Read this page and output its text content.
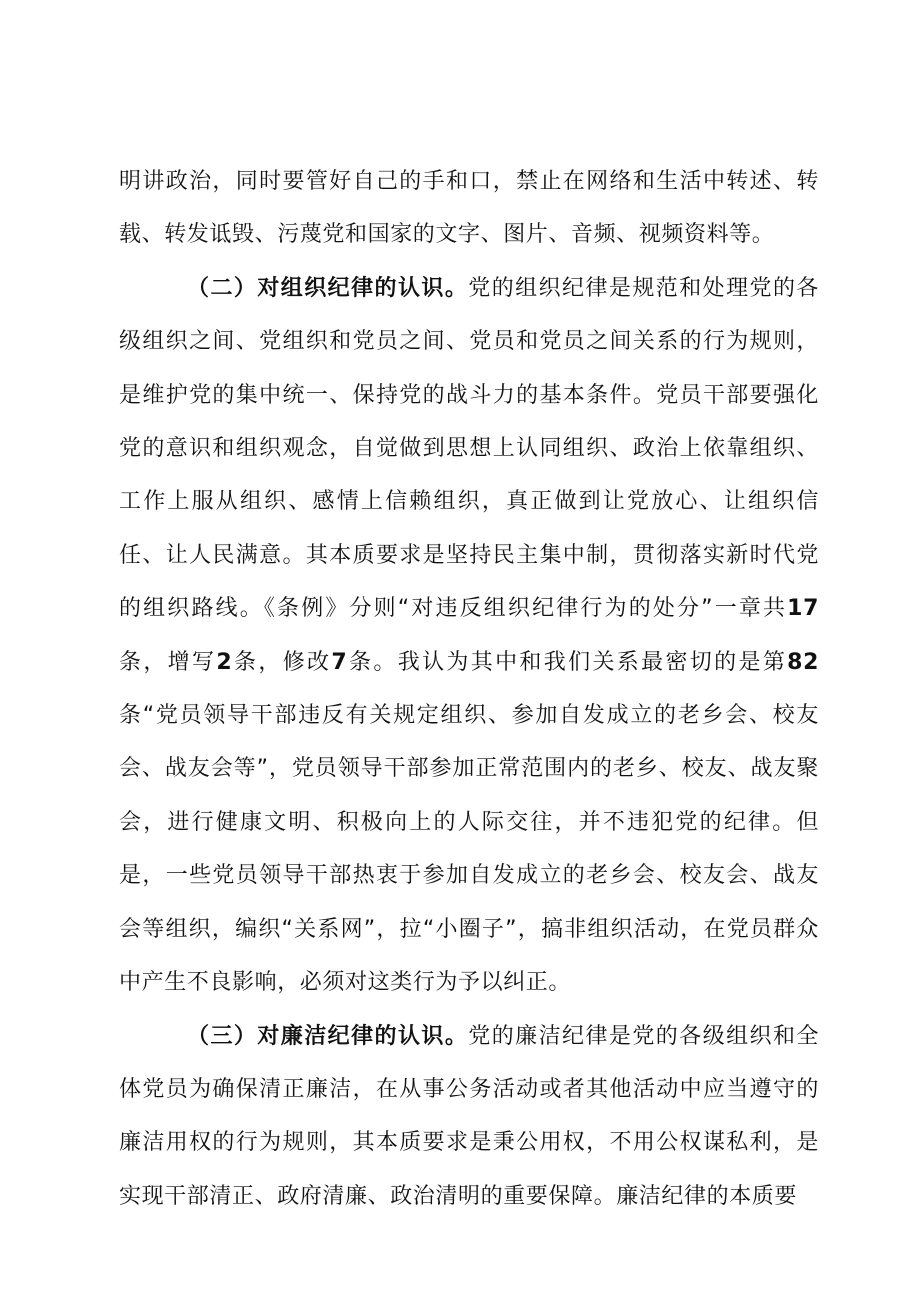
明讲政治，同时要管好自己的手和口，禁止在网络和生活中转述、转载、转发诋毁、污蔑党和国家的文字、图片、音频、视频资料等。

（二）对组织纪律的认识。党的组织纪律是规范和处理党的各级组织之间、党组织和党员之间、党员和党员之间关系的行为规则，是维护党的集中统一、保持党的战斗力的基本条件。党员干部要强化党的意识和组织观念，自觉做到思想上认同组织、政治上依靠组织、工作上服从组织、感情上信赖组织，真正做到让党放心、让组织信任、让人民满意。其本质要求是坚持民主集中制，贯彻落实新时代党的组织路线。《条例》分则“对违反组织纪律行为的处分”一章共17条，增写2条，修改7条。我认为其中和我们关系最密切的是第82条“党员领导干部违反有关规定组织、参加自发成立的老乡会、校友会、战友会等”，党员领导干部参加正常范围内的老乡、校友、战友聚会，进行健康文明、积极向上的人际交往，并不违犯党的纪律。但是，一些党员领导干部热衷于参加自发成立的老乡会、校友会、战友会等组织，编织“关系网”，拉“小圈子”，搞非组织活动，在党员群众中产生不良影响，必须对这类行为予以纠正。

（三）对廉洁纪律的认识。党的廉洁纪律是党的各级组织和全体党员为确保清正廉洁，在从事公务活动或者其他活动中应当遵守的廉洁用权的行为规则，其本质要求是秉公用权，不用公权谋私利，是实现干部清正、政府清廉、政治清明的重要保障。廉洁纪律的本质要
